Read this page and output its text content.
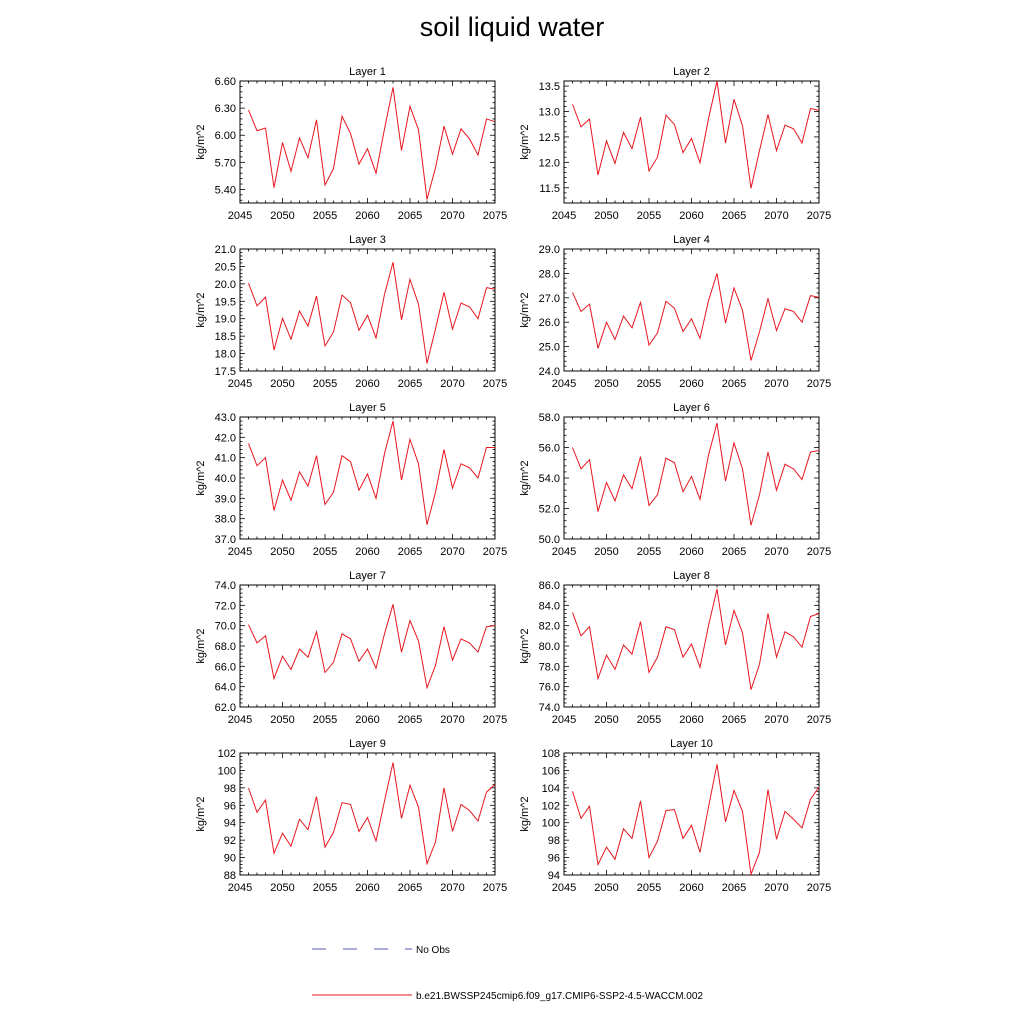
soil liquid water
Layer 1
kg/m^2
2045 2050 2055 2060 2065 2070 2075
5.40
5.70
6.00
6.30
6.60
Layer 2
kg/m^2
2045 2050 2055 2060 2065 2070 2075
11.5
12.0
12.5
13.0
13.5
Layer 3
kg/m^2
2045 2050 2055 2060 2065 2070 2075
17.5
18.0
18.5
19.0
19.5
20.0
20.5
21.0
Layer 4
kg/m^2
2045 2050 2055 2060 2065 2070 2075
24.0
25.0
26.0
27.0
28.0
29.0
Layer 5
kg/m^2
2045 2050 2055 2060 2065 2070 2075
37.0
38.0
39.0
40.0
41.0
42.0
43.0
Layer 6
kg/m^2
2045 2050 2055 2060 2065 2070 2075
50.0
52.0
54.0
56.0
58.0
Layer 7
kg/m^2
2045 2050 2055 2060 2065 2070 2075
62.0
64.0
66.0
68.0
70.0
72.0
74.0
Layer 8
kg/m^2
2045 2050 2055 2060 2065 2070 2075
74.0
76.0
78.0
80.0
82.0
84.0
86.0
Layer 9
kg/m^2
2045 2050 2055 2060 2065 2070 2075
88
90
92
94
96
98
100
102
Layer 10
kg/m^2
2045 2050 2055 2060 2065 2070 2075
94
96
98
100
102
104
106
108
No Obs
b.e21.BWSSP245cmip6.f09_g17.CMIP6-SSP2-4.5-WACCM.002
